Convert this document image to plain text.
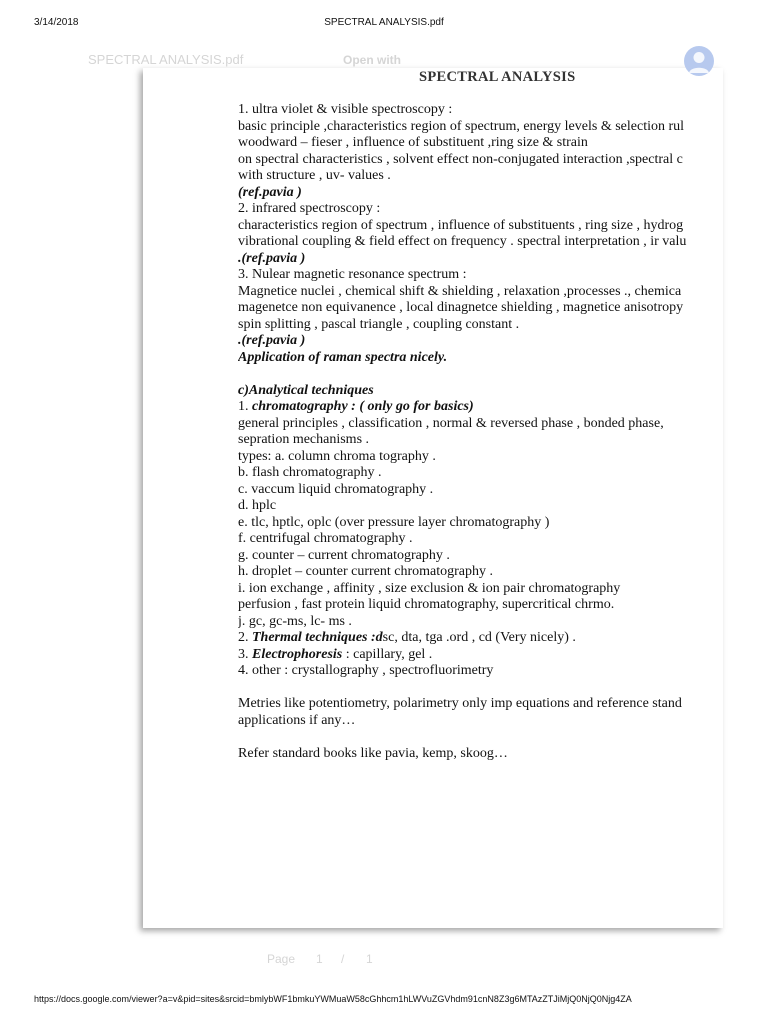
3/14/2018	SPECTRAL ANALYSIS.pdf
SPECTRAL ANALYSIS.pdf	Open with
SPECTRAL ANALYSIS
1. ultra violet & visible spectroscopy :
basic principle ,characteristics region of spectrum, energy levels & selection rul
woodward – fieser , influence of substituent ,ring size & strain
on spectral characteristics , solvent effect non-conjugated interaction ,spectral c
with structure , uv- values .
(ref.pavia )
2. infrared spectroscopy :
characteristics region of spectrum , influence of substituents , ring size , hydrog
vibrational coupling & field effect on frequency . spectral interpretation , ir valu
.(ref.pavia )
3. Nulear magnetic resonance spectrum :
Magnetice nuclei , chemical shift & shielding , relaxation ,processes ., chemica
magenetce non equivanence , local dinagnetce shielding , magnetice anisotropy
spin splitting , pascal triangle , coupling constant .
.(ref.pavia )
Application of raman spectra nicely.
c)Analytical techniques
1. chromatography : ( only go for basics)
general principles , classification , normal & reversed phase , bonded phase,
sepration mechanisms .
types: a. column chroma tography .
b. flash chromatography .
c. vaccum liquid chromatography .
d. hplc
e. tlc, hptlc, oplc (over pressure layer chromatography )
f. centrifugal chromatography .
g. counter – current chromatography .
h. droplet – counter current chromatography .
i. ion exchange , affinity , size exclusion & ion pair chromatography
perfusion , fast protein liquid chromatography, supercritical chrmo.
j. gc, gc-ms, lc- ms .
2. Thermal techniques :dsc, dta, tga .ord , cd (Very nicely) .
3. Electrophoresis : capillary, gel .
4. other : crystallography , spectrofluorimetry
Metries like potentiometry, polarimetry only imp equations and reference stand
applications if any…
Refer standard books like pavia, kemp, skoog…
Page 1 / 1
https://docs.google.com/viewer?a=v&pid=sites&srcid=bmlybWF1bmkuYWMuaW58cGhhcm1hLWVuZGVhdm91cnN8Z3g6MTAzZTJiMjQ0NjQ0Njg4ZA
